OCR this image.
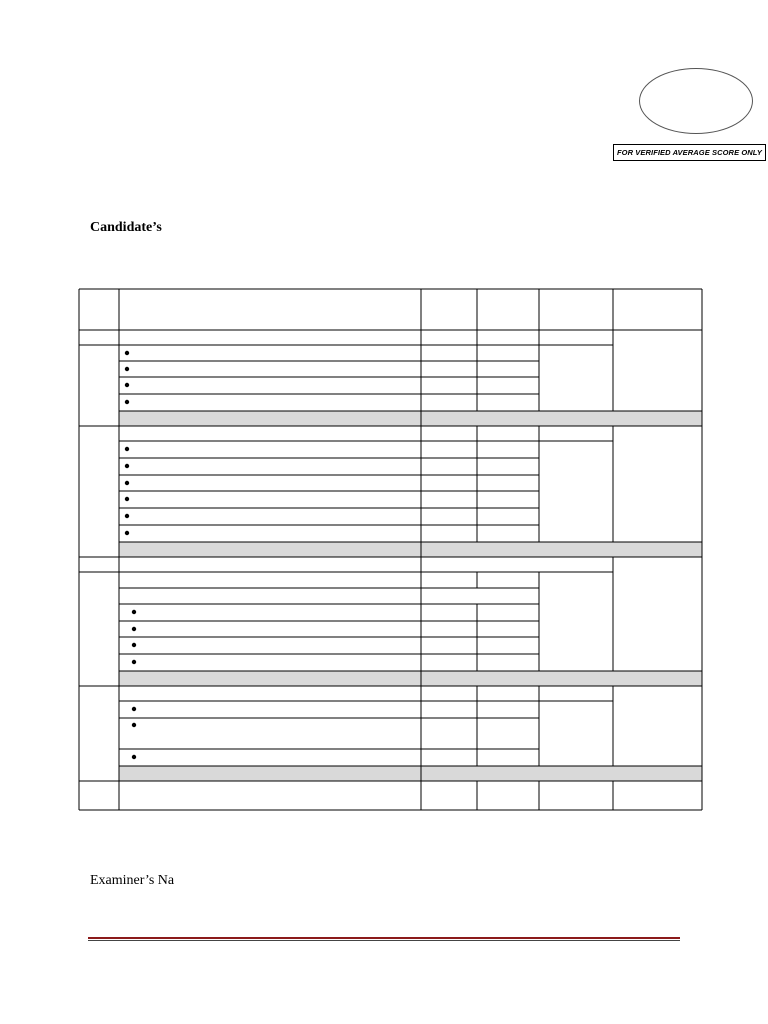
FOR VERIFIED AVERAGE SCORE ONLY
Candidate’s
Examiner’s Na
